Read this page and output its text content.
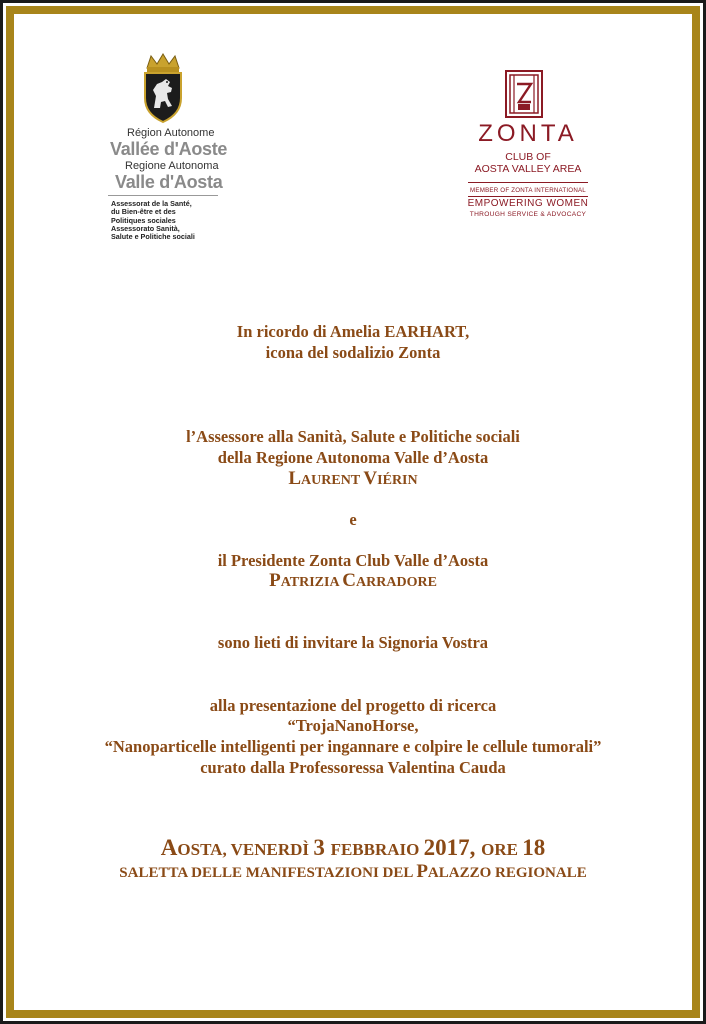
Région Autonome
Vallée d'Aoste
Regione Autonoma
Valle d'Aosta
Assessorat de la Santé,
du Bien-être et des
Politiques sociales
Assessorato Sanità,
Salute e Politiche sociali
ZONTA
CLUB OF
AOSTA VALLEY AREA
MEMBER OF ZONTA INTERNATIONAL
EMPOWERING WOMEN
THROUGH SERVICE & ADVOCACY
In ricordo di Amelia EARHART,
icona del sodalizio Zonta
l’Assessore alla Sanità, Salute e Politiche sociali
della Regione Autonoma Valle d’Aosta
LAURENT VIÉRIN
e
il Presidente Zonta Club Valle d’Aosta
PATRIZIA CARRADORE
sono lieti di invitare la Signoria Vostra
alla presentazione del progetto di ricerca
“TrojaNanoHorse,
“Nanoparticelle intelligenti per ingannare e colpire le cellule tumorali”
curato dalla Professoressa Valentina Cauda
AOSTA, VENERDÌ 3 FEBBRAIO 2017, ORE 18
SALETTA DELLE MANIFESTAZIONI DEL PALAZZO REGIONALE
